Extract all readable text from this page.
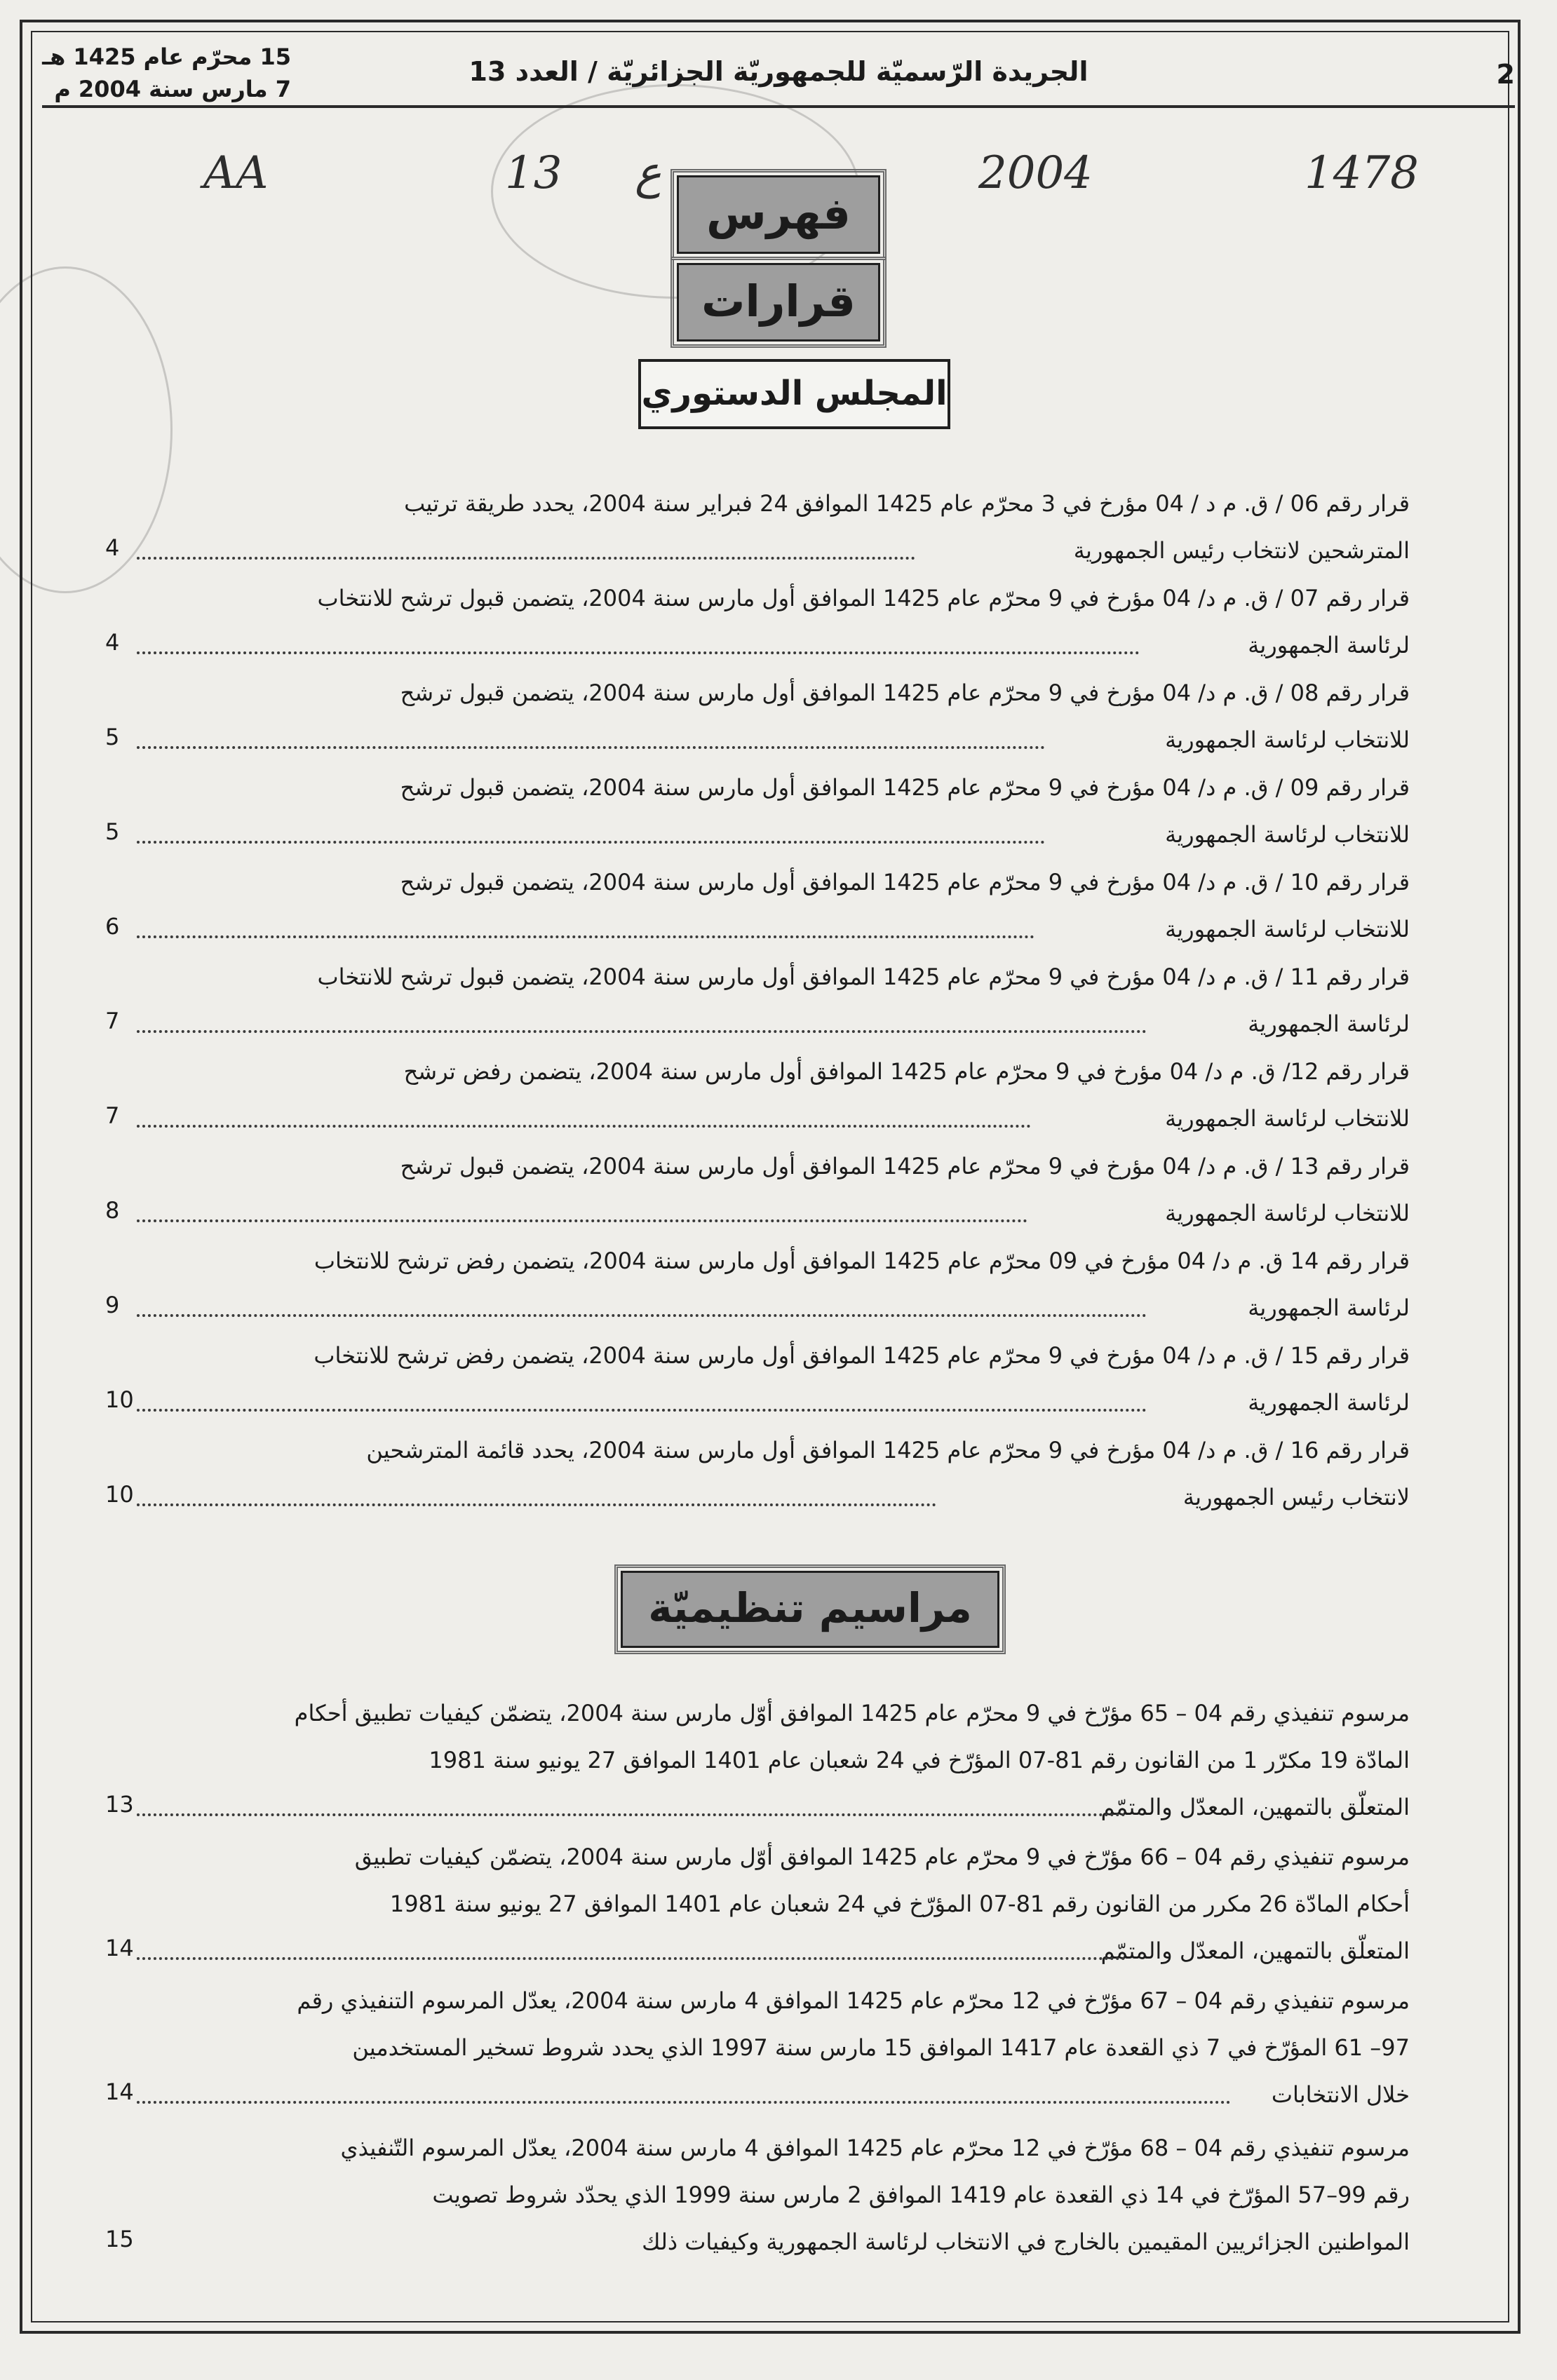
15 محرّم عام 1425 هـ
7 مارس سنة 2004 م
الجريدة الرّسميّة للجمهوريّة الجزائريّة / العدد 13	2
1478
2004
ع
13
AA
فهرس
قرارات
المجلس الدستوري
مراسيم تنظيميّة
قرار رقم 06 / ق. م د / 04 مؤرخ في 3 محرّم عام 1425 الموافق 24 فبراير سنة 2004، يحدد طريقة ترتيب
المترشحين لانتخاب رئيس الجمهورية
4
قرار رقم 07 / ق. م د/ 04 مؤرخ في 9 محرّم عام 1425 الموافق أول مارس سنة 2004، يتضمن قبول ترشح للانتخاب
لرئاسة الجمهورية
4
قرار رقم 08 / ق. م د/ 04 مؤرخ في 9 محرّم عام 1425 الموافق أول مارس سنة 2004، يتضمن قبول ترشح
للانتخاب لرئاسة الجمهورية
5
قرار رقم 09 / ق. م د/ 04 مؤرخ في 9 محرّم عام 1425 الموافق أول مارس سنة 2004، يتضمن قبول ترشح
للانتخاب لرئاسة الجمهورية
5
قرار رقم 10 / ق. م د/ 04 مؤرخ في 9 محرّم عام 1425 الموافق أول مارس سنة 2004، يتضمن قبول ترشح
للانتخاب لرئاسة الجمهورية
6
قرار رقم 11 / ق. م د/ 04 مؤرخ في 9 محرّم عام 1425 الموافق أول مارس سنة 2004، يتضمن قبول ترشح للانتخاب
لرئاسة الجمهورية
7
قرار رقم 12/ ق. م د/ 04 مؤرخ في 9 محرّم عام 1425 الموافق أول مارس سنة 2004، يتضمن رفض ترشح
للانتخاب لرئاسة الجمهورية
7
قرار رقم 13 / ق. م د/ 04 مؤرخ في 9 محرّم عام 1425 الموافق أول مارس سنة 2004، يتضمن قبول ترشح
للانتخاب لرئاسة الجمهورية
8
قرار رقم 14 ق. م د/ 04 مؤرخ في 09 محرّم عام 1425 الموافق أول مارس سنة 2004، يتضمن رفض ترشح للانتخاب
لرئاسة الجمهورية
9
قرار رقم 15 / ق. م د/ 04 مؤرخ في 9 محرّم عام 1425 الموافق أول مارس سنة 2004، يتضمن رفض ترشح للانتخاب
لرئاسة الجمهورية
10
قرار رقم 16 / ق. م د/ 04 مؤرخ في 9 محرّم عام 1425 الموافق أول مارس سنة 2004، يحدد قائمة المترشحين
لانتخاب رئيس الجمهورية
10
مرسوم تنفيذي رقم 04 – 65 مؤرّخ في 9 محرّم عام 1425 الموافق أوّل مارس سنة 2004، يتضمّن كيفيات تطبيق أحكام
المادّة 19 مكرّر 1 من القانون رقم 81-07 المؤرّخ في 24 شعبان عام 1401 الموافق 27 يونيو سنة 1981
المتعلّق بالتمهين، المعدّل والمتمّم
13
مرسوم تنفيذي رقم 04 – 66 مؤرّخ في 9 محرّم عام 1425 الموافق أوّل مارس سنة 2004، يتضمّن كيفيات تطبيق
أحكام المادّة 26 مكرر من القانون رقم 81-07 المؤرّخ في 24 شعبان عام 1401 الموافق 27 يونيو سنة 1981
المتعلّق بالتمهين، المعدّل والمتمّم
14
مرسوم تنفيذي رقم 04 – 67 مؤرّخ في 12 محرّم عام 1425 الموافق 4 مارس سنة 2004، يعدّل المرسوم التنفيذي رقم
97– 61 المؤرّخ في 7 ذي القعدة عام 1417 الموافق 15 مارس سنة 1997 الذي يحدد شروط تسخير المستخدمين
خلال الانتخابات
14
مرسوم تنفيذي رقم 04 – 68 مؤرّخ في 12 محرّم عام 1425 الموافق 4 مارس سنة 2004، يعدّل المرسوم التّنفيذي
رقم 99–57 المؤرّخ في 14 ذي القعدة عام 1419 الموافق 2 مارس سنة 1999 الذي يحدّد شروط تصويت
المواطنين الجزائريين المقيمين بالخارج في الانتخاب لرئاسة الجمهورية وكيفيات ذلك
15
